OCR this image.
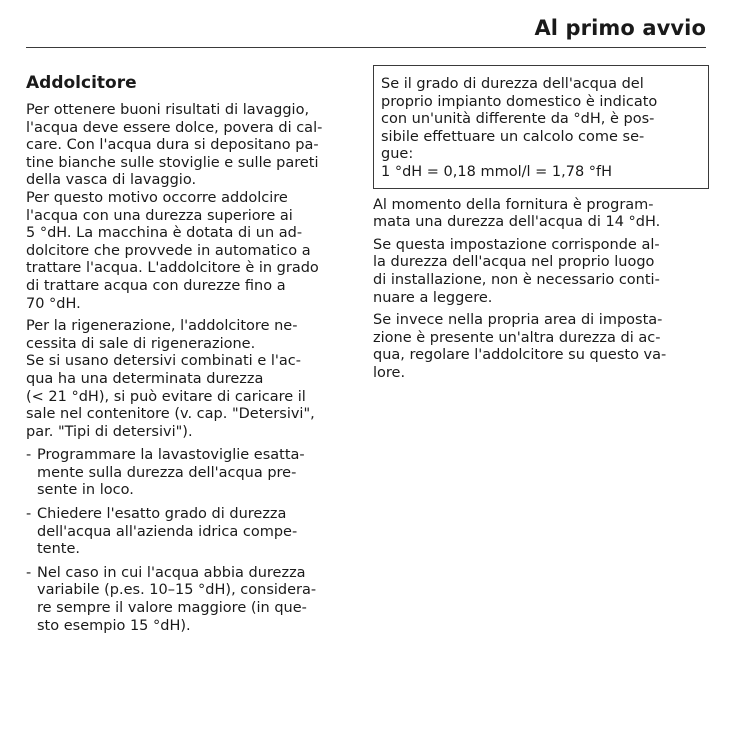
Al primo avvio
Addolcitore

Per ottenere buoni risultati di lavaggio,
l'acqua deve essere dolce, povera di cal-
care. Con l'acqua dura si depositano pa-
tine bianche sulle stoviglie e sulle pareti
della vasca di lavaggio.
Per questo motivo occorre addolcire
l'acqua con una durezza superiore ai
5 °dH. La macchina è dotata di un ad-
dolcitore che provvede in automatico a
trattare l'acqua. L'addolcitore è in grado
di trattare acqua con durezze fino a
70 °dH.

Per la rigenerazione, l'addolcitore ne-
cessita di sale di rigenerazione.
Se si usano detersivi combinati e l'ac-
qua ha una determinata durezza
(< 21 °dH), si può evitare di caricare il
sale nel contenitore (v. cap. "Detersivi",
par. "Tipi di detersivi").

- Programmare la lavastoviglie esatta-
mente sulla durezza dell'acqua pre-
sente in loco.
- Chiedere l'esatto grado di durezza
dell'acqua all'azienda idrica compe-
tente.
- Nel caso in cui l'acqua abbia durezza
variabile (p.es. 10–15 °dH), considera-
re sempre il valore maggiore (in que-
sto esempio 15 °dH).
Se il grado di durezza dell'acqua del
proprio impianto domestico è indicato
con un'unità differente da °dH, è pos-
sibile effettuare un calcolo come se-
gue:
1 °dH = 0,18 mmol/l = 1,78 °fH

Al momento della fornitura è program-
mata una durezza dell'acqua di 14 °dH.

Se questa impostazione corrisponde al-
la durezza dell'acqua nel proprio luogo
di installazione, non è necessario conti-
nuare a leggere.

Se invece nella propria area di imposta-
zione è presente un'altra durezza di ac-
qua, regolare l'addolcitore su questo va-
lore.
